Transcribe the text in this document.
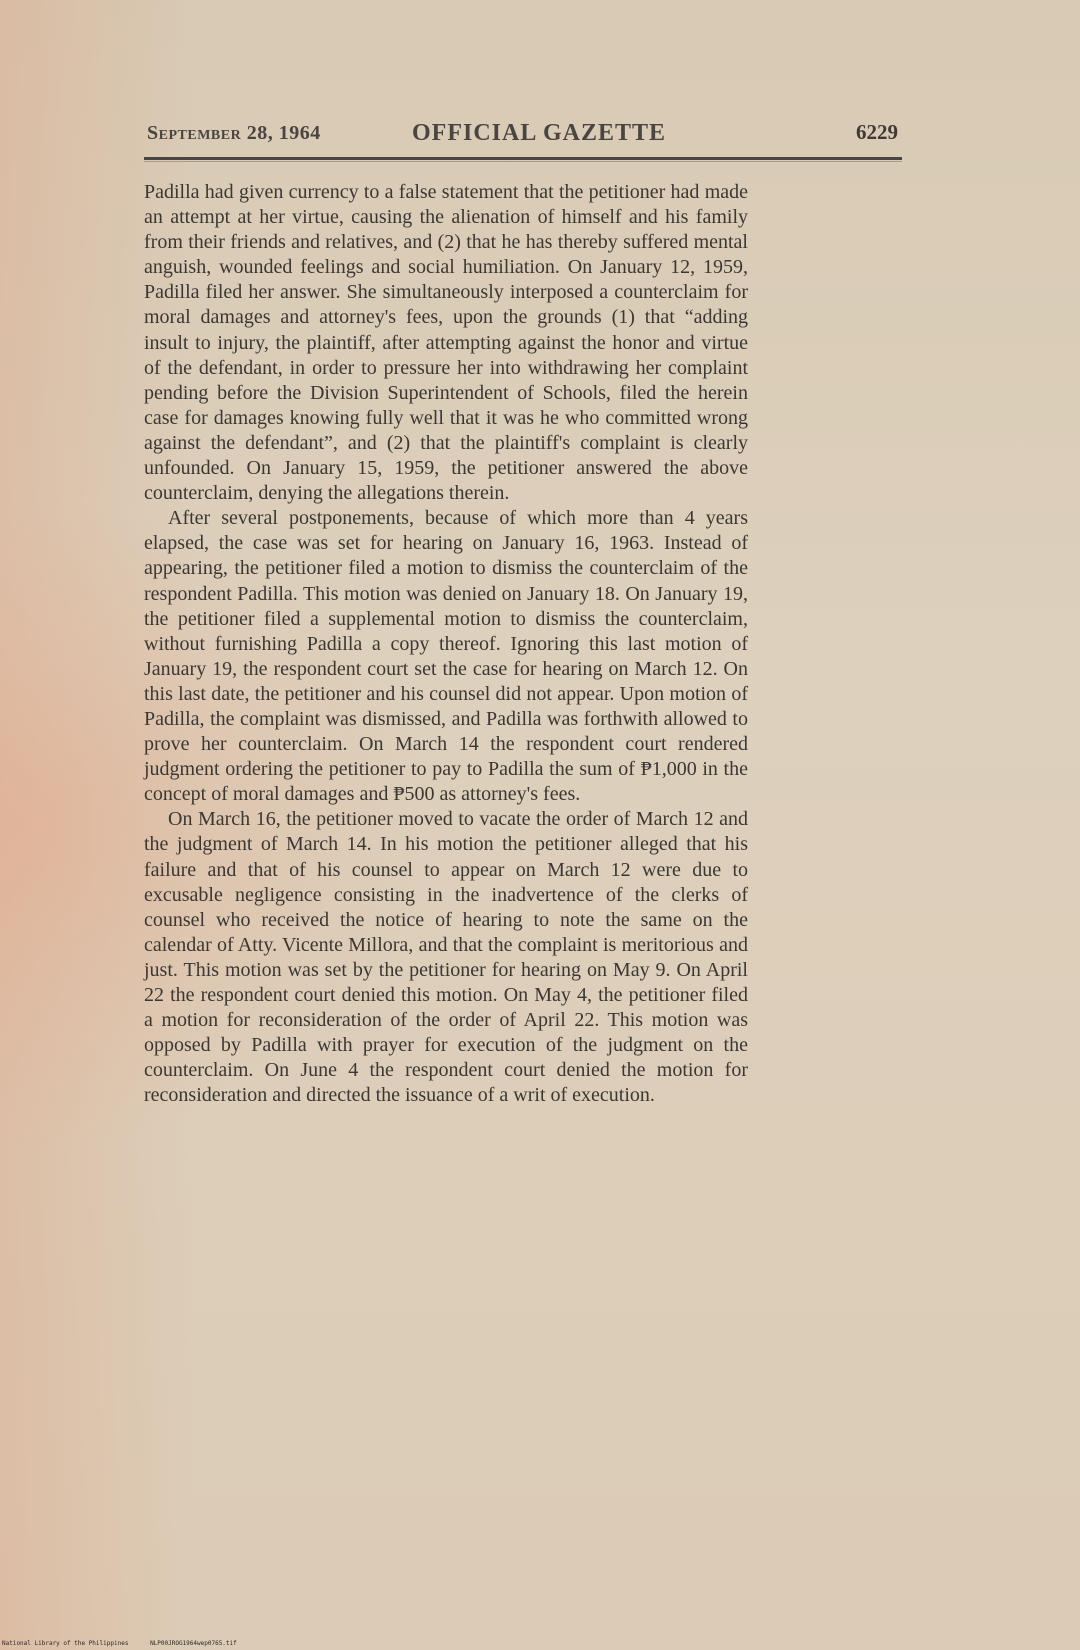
September 28, 1964	OFFICIAL GAZETTE	6229

Padilla had given currency to a false statement that the petitioner had made an attempt at her virtue, causing the alienation of himself and his family from their friends and relatives, and (2) that he has thereby suffered mental anguish, wounded feelings and social humiliation. On January 12, 1959, Padilla filed her answer. She simultaneously interposed a counterclaim for moral damages and attorney's fees, upon the grounds (1) that “adding insult to injury, the plaintiff, after attempting against the honor and virtue of the defendant, in order to pressure her into withdrawing her complaint pending before the Division Superintendent of Schools, filed the herein case for damages knowing fully well that it was he who committed wrong against the defendant”, and (2) that the plaintiff's complaint is clearly unfounded. On January 15, 1959, the petitioner answered the above counterclaim, denying the allegations therein.

After several postponements, because of which more than 4 years elapsed, the case was set for hearing on January 16, 1963. Instead of appearing, the petitioner filed a motion to dismiss the counterclaim of the respondent Padilla. This motion was denied on January 18. On January 19, the petitioner filed a supplemental motion to dismiss the counterclaim, without furnishing Padilla a copy thereof. Ignoring this last motion of January 19, the respondent court set the case for hearing on March 12. On this last date, the petitioner and his counsel did not appear. Upon motion of Padilla, the complaint was dismissed, and Padilla was forthwith allowed to prove her counterclaim. On March 14 the respondent court rendered judgment ordering the petitioner to pay to Padilla the sum of ₱1,000 in the concept of moral damages and ₱500 as attorney's fees.

On March 16, the petitioner moved to vacate the order of March 12 and the judgment of March 14. In his motion the petitioner alleged that his failure and that of his counsel to appear on March 12 were due to excusable negligence consisting in the inadvertence of the clerks of counsel who received the notice of hearing to note the same on the calendar of Atty. Vicente Millora, and that the complaint is meritorious and just. This motion was set by the petitioner for hearing on May 9. On April 22 the respondent court denied this motion. On May 4, the petitioner filed a motion for reconsideration of the order of April 22. This motion was opposed by Padilla with prayer for execution of the judgment on the counterclaim. On June 4 the respondent court denied the motion for reconsideration and directed the issuance of a writ of execution.

National Library of the Philippines	NLP00JROG1964wep0765.tif
